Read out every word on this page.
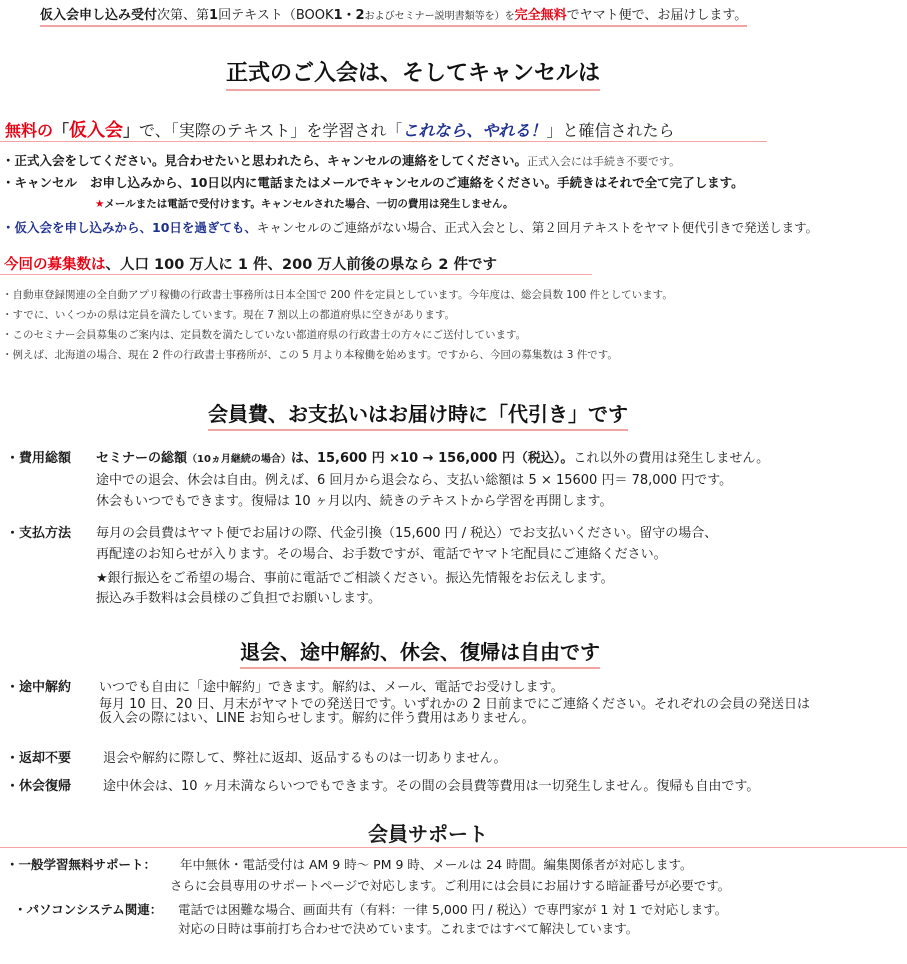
仮入会申し込み受付次第、第1回テキスト（BOOK1・2およびセミナー説明書類等を）を完全無料でヤマト便で、お届けします。
正式のご入会は、そしてキャンセルは
無料の「仮入会」で、「実際のテキスト」を学習され「これなら、やれる！」と確信されたら
・正式入会をしてください。見合わせたいと思われたら、キャンセルの連絡をしてください。正式入会には手続き不要です。
・キャンセル お申し込みから、10日以内に電話またはメールでキャンセルのご連絡をください。手続きはそれで全て完了します。
★メールまたは電話で受付けます。キャンセルされた場合、一切の費用は発生しません。
・仮入会を申し込みから、10日を過ぎても、キャンセルのご連絡がない場合、正式入会とし、第２回月テキストをヤマト便代引きで発送します。
今回の募集数は、人口 100 万人に 1 件、200 万人前後の県なら 2 件です
・自動車登録関連の全自動アプリ稼働の行政書士事務所は日本全国で 200 件を定員としています。今年度は、総会員数 100 件としています。
・すでに、いくつかの県は定員を満たしています。現在 7 割以上の都道府県に空きがあります。
・このセミナー会員募集のご案内は、定員数を満たしていない都道府県の行政書士の方々にご送付しています。
・例えば、北海道の場合、現在 2 件の行政書士事務所が、この 5 月より本稼働を始めます。ですから、今回の募集数は 3 件です。
会員費、お支払いはお届け時に「代引き」です
・費用総額 セミナーの総額（10ヵ月継続の場合）は、15,600 円 ×10 → 156,000 円（税込）。これ以外の費用は発生しません。
途中での退会、休会は自由。例えば、6 回月から退会なら、支払い総額は 5 × 15600 円＝ 78,000 円です。
休会もいつでもできます。復帰は 10 ヶ月以内、続きのテキストから学習を再開します。
・支払方法 毎月の会員費はヤマト便でお届けの際、代金引換（15,600 円 / 税込）でお支払いください。留守の場合、
再配達のお知らせが入ります。その場合、お手数ですが、電話でヤマト宅配員にご連絡ください。
★銀行振込をご希望の場合、事前に電話でご相談ください。振込先情報をお伝えします。
振込み手数料は会員様のご負担でお願いします。
退会、途中解約、休会、復帰は自由です
・途中解約 いつでも自由に「途中解約」できます。解約は、メール、電話でお受けします。
毎月 10 日、20 日、月末がヤマトでの発送日です。いずれかの 2 日前までにご連絡ください。それぞれの会員の発送日は
仮入会の際にはい、LINE お知らせします。解約に伴う費用はありません。
・返却不要 退会や解約に際して、弊社に返却、返品するものは一切ありません。
・休会復帰 途中休会は、10 ヶ月未満ならいつでもできます。その間の会員費等費用は一切発生しません。復帰も自由です。
会員サポート
・一般学習無料サポート： 年中無休・電話受付は AM 9 時～ PM 9 時、メールは 24 時間。編集関係者が対応します。
さらに会員専用のサポートページで対応します。ご利用には会員にお届けする暗証番号が必要です。
・パソコンシステム関連： 電話では困難な場合、画面共有（有料：一律 5,000 円 / 税込）で専門家が 1 対 1 で対応します。
対応の日時は事前打ち合わせで決めています。これまではすべて解決しています。
